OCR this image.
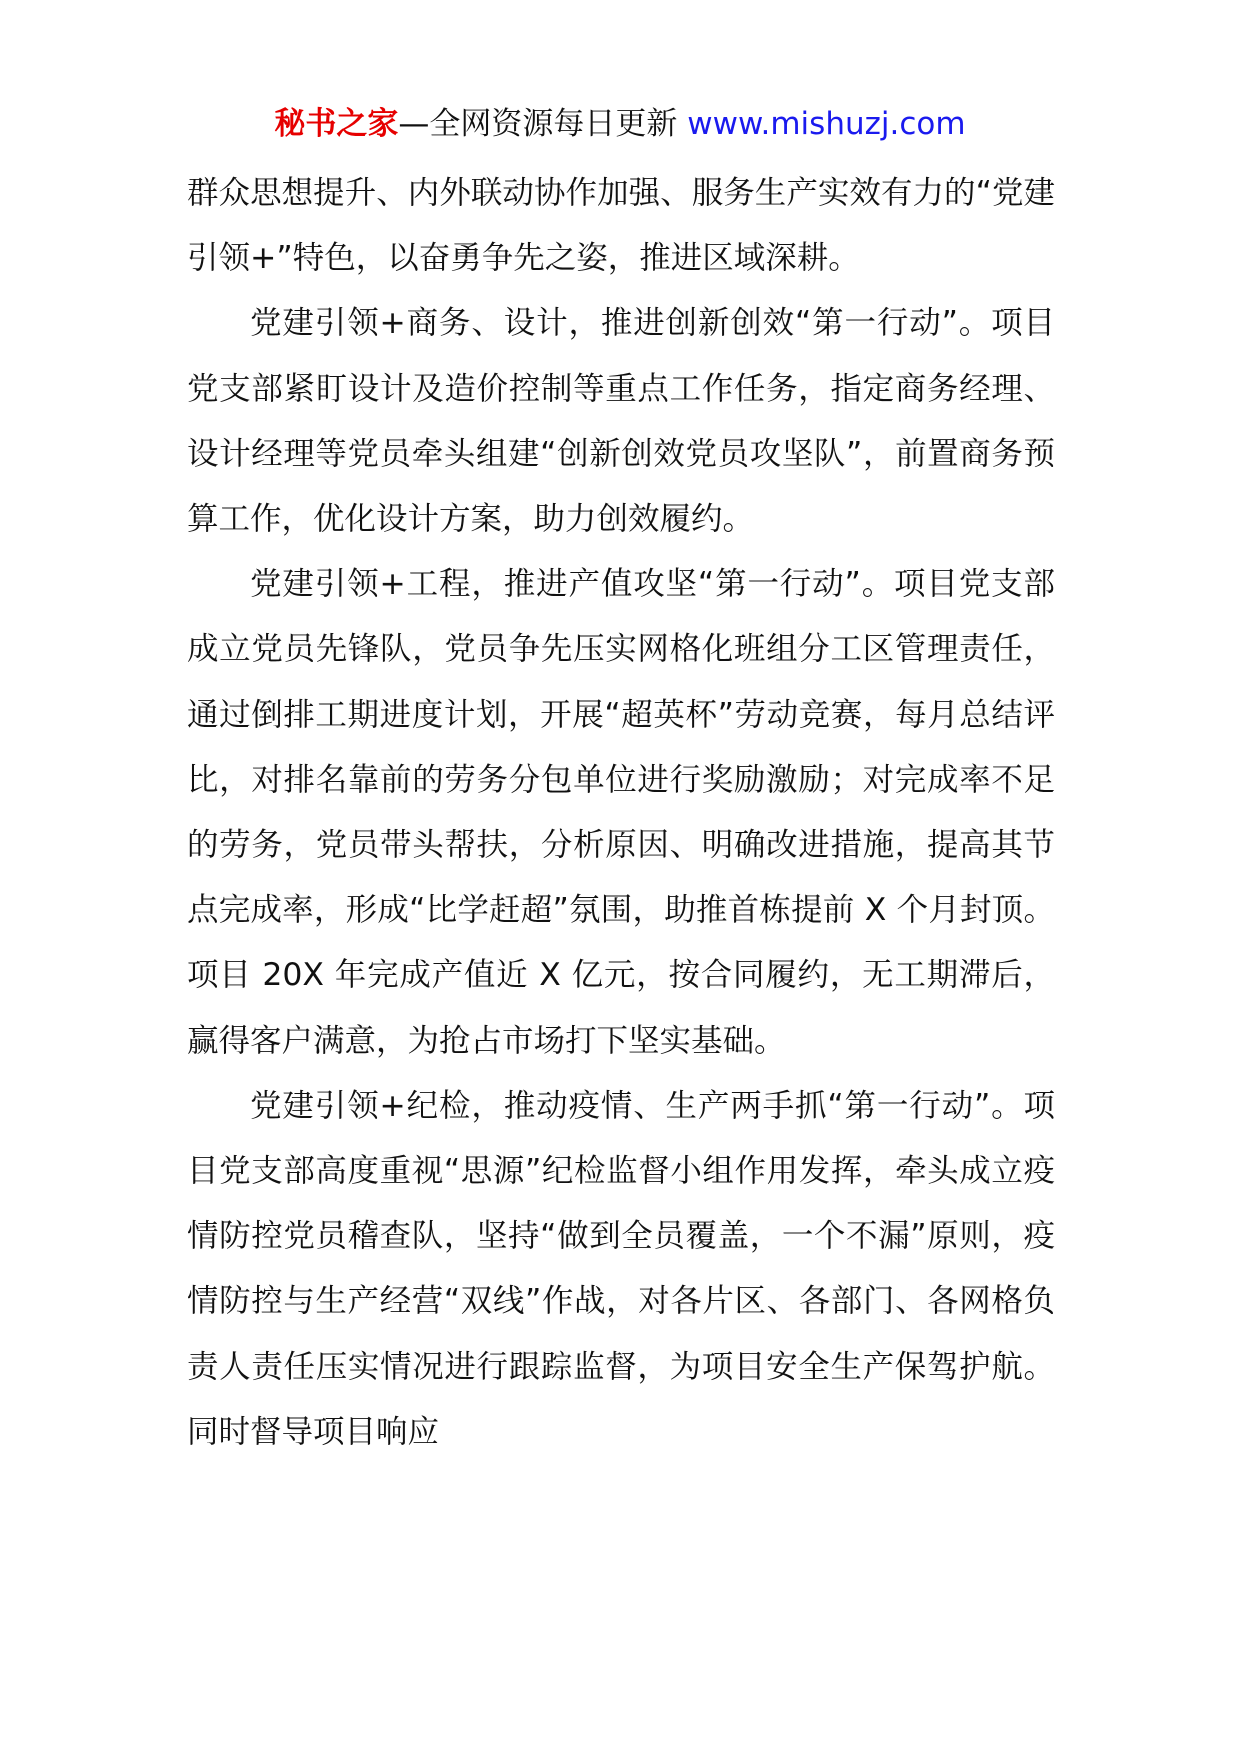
秘书之家—全网资源每日更新 www.mishuzj.com

群众思想提升、内外联动协作加强、服务生产实效有力的“党建引领+”特色，以奋勇争先之姿，推进区域深耕。

党建引领+商务、设计，推进创新创效“第一行动”。项目党支部紧盯设计及造价控制等重点工作任务，指定商务经理、设计经理等党员牵头组建“创新创效党员攻坚队”，前置商务预算工作，优化设计方案，助力创效履约。

党建引领+工程，推进产值攻坚“第一行动”。项目党支部成立党员先锋队，党员争先压实网格化班组分工区管理责任，通过倒排工期进度计划，开展“超英杯”劳动竞赛，每月总结评比，对排名靠前的劳务分包单位进行奖励激励；对完成率不足的劳务，党员带头帮扶，分析原因、明确改进措施，提高其节点完成率，形成“比学赶超”氛围，助推首栋提前 X 个月封顶。项目 20X 年完成产值近 X 亿元，按合同履约，无工期滞后，赢得客户满意，为抢占市场打下坚实基础。

党建引领+纪检，推动疫情、生产两手抓“第一行动”。项目党支部高度重视“思源”纪检监督小组作用发挥，牵头成立疫情防控党员稽查队，坚持“做到全员覆盖，一个不漏”原则，疫情防控与生产经营“双线”作战，对各片区、各部门、各网格负责人责任压实情况进行跟踪监督，为项目安全生产保驾护航。同时督导项目响应
